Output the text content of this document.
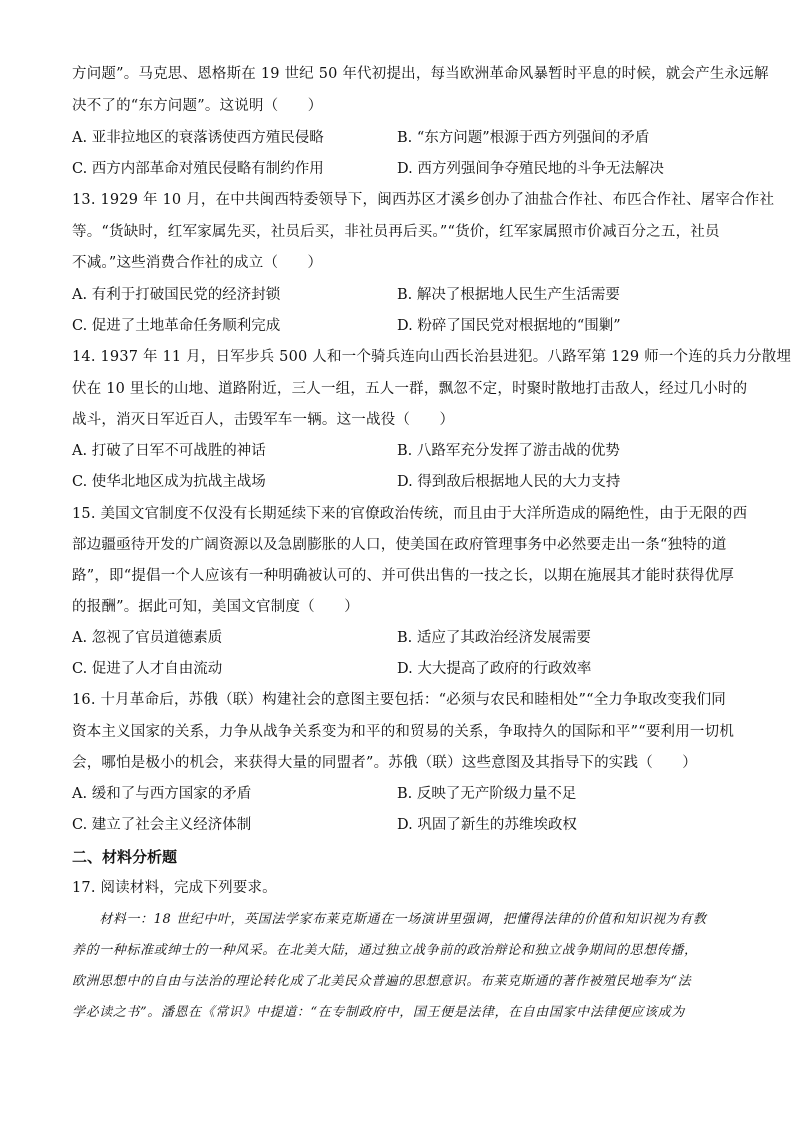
方问题”。马克思、恩格斯在 19 世纪 50 年代初提出，每当欧洲革命风暴暂时平息的时候，就会产生永远解
决不了的“东方问题”。这说明（　　）
A. 亚非拉地区的衰落诱使西方殖民侵略	B. “东方问题”根源于西方列强间的矛盾
C. 西方内部革命对殖民侵略有制约作用	D. 西方列强间争夺殖民地的斗争无法解决
13. 1929 年 10 月，在中共闽西特委领导下，闽西苏区才溪乡创办了油盐合作社、布匹合作社、屠宰合作社
等。“货缺时，红军家属先买，社员后买，非社员再后买。”“货价，红军家属照市价减百分之五，社员
不减。”这些消费合作社的成立（　　）
A. 有利于打破国民党的经济封锁	B. 解决了根据地人民生产生活需要
C. 促进了土地革命任务顺利完成	D. 粉碎了国民党对根据地的“围剿”
14. 1937 年 11 月，日军步兵 500 人和一个骑兵连向山西长治县进犯。八路军第 129 师一个连的兵力分散埋
伏在 10 里长的山地、道路附近，三人一组，五人一群，飘忽不定，时聚时散地打击敌人，经过几小时的
战斗，消灭日军近百人，击毁军车一辆。这一战役（　　）
A. 打破了日军不可战胜的神话	B. 八路军充分发挥了游击战的优势
C. 使华北地区成为抗战主战场	D. 得到敌后根据地人民的大力支持
15. 美国文官制度不仅没有长期延续下来的官僚政治传统，而且由于大洋所造成的隔绝性，由于无限的西
部边疆亟待开发的广阔资源以及急剧膨胀的人口，使美国在政府管理事务中必然要走出一条“独特的道
路”，即“提倡一个人应该有一种明确被认可的、并可供出售的一技之长，以期在施展其才能时获得优厚
的报酬”。据此可知，美国文官制度（　　）
A. 忽视了官员道德素质	B. 适应了其政治经济发展需要
C. 促进了人才自由流动	D. 大大提高了政府的行政效率
16. 十月革命后，苏俄（联）构建社会的意图主要包括：“必须与农民和睦相处”“全力争取改变我们同
资本主义国家的关系，力争从战争关系变为和平的和贸易的关系，争取持久的国际和平”“要利用一切机
会，哪怕是极小的机会，来获得大量的同盟者”。苏俄（联）这些意图及其指导下的实践（　　）
A. 缓和了与西方国家的矛盾	B. 反映了无产阶级力量不足
C. 建立了社会主义经济体制	D. 巩固了新生的苏维埃政权
二、材料分析题
17. 阅读材料，完成下列要求。
　　材料一：18 世纪中叶，英国法学家布莱克斯通在一场演讲里强调，把懂得法律的价值和知识视为有教
养的一种标准或绅士的一种风采。在北美大陆，通过独立战争前的政治辩论和独立战争期间的思想传播，
欧洲思想中的自由与法治的理论转化成了北美民众普遍的思想意识。布莱克斯通的著作被殖民地奉为“法
学必读之书”。潘恩在《常识》中提道：“在专制政府中，国王便是法律，在自由国家中法律便应该成为
